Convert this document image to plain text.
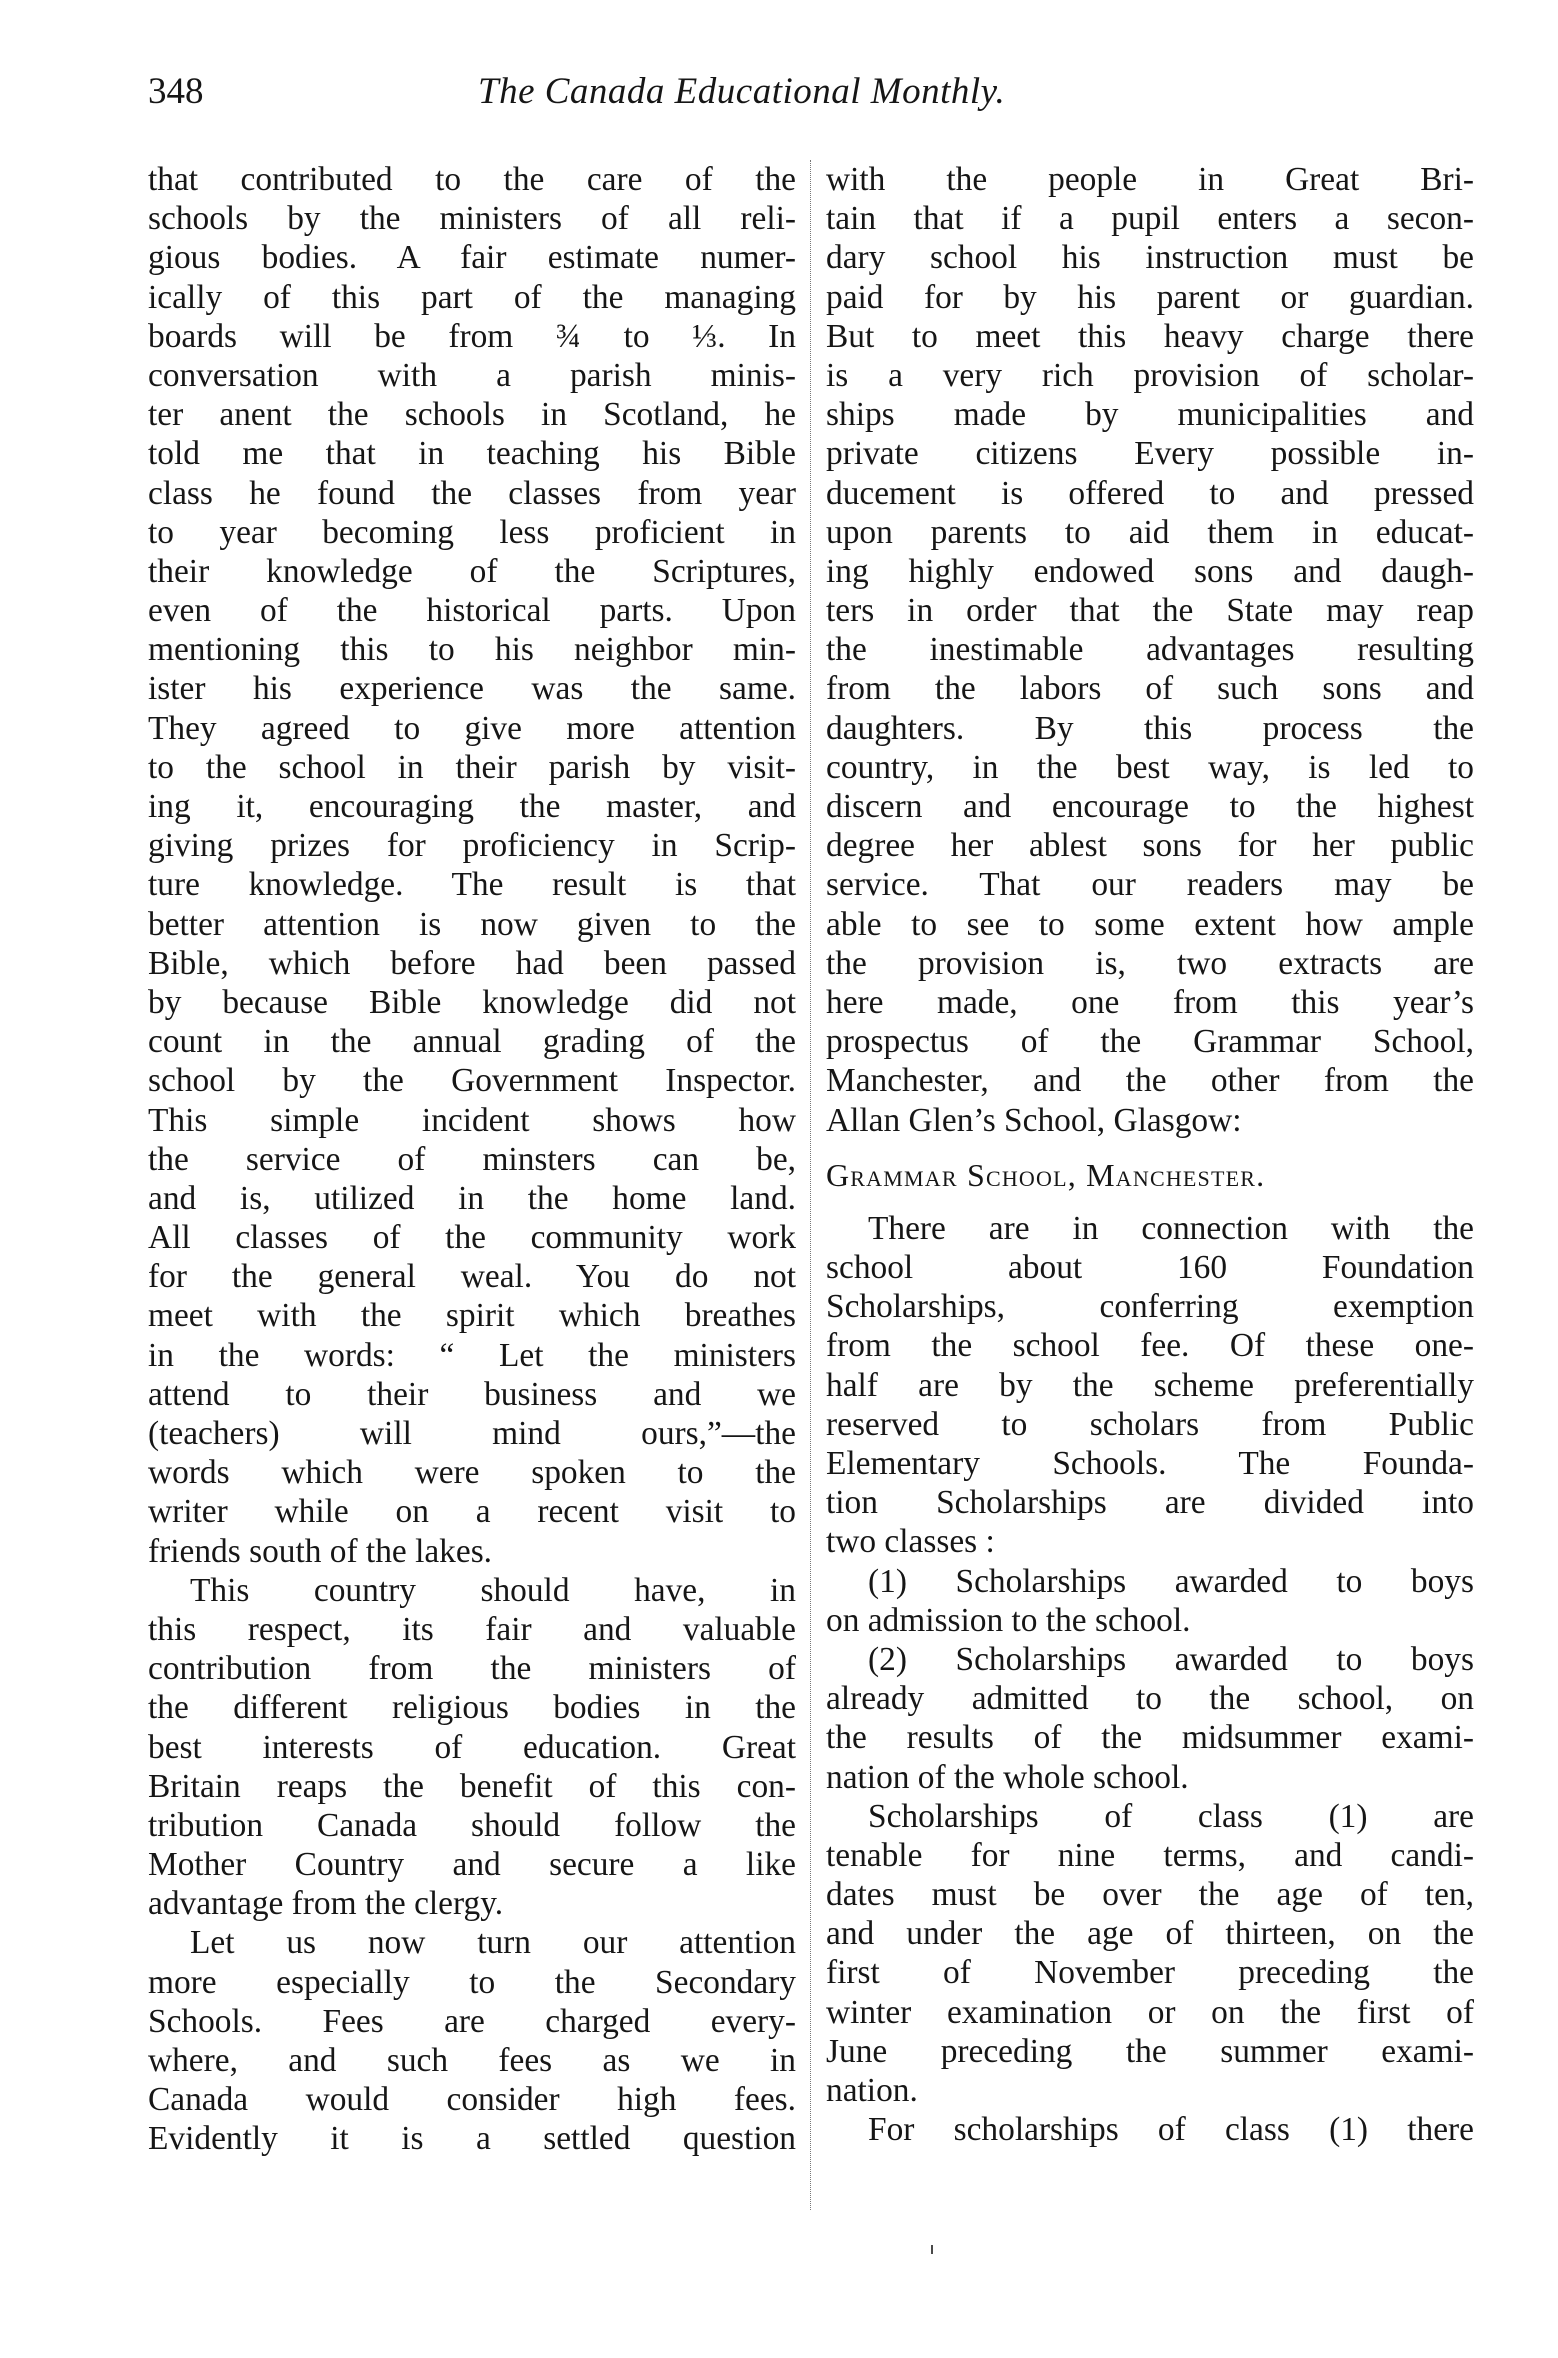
348	The Canada Educational Monthly.
that contributed to the care of the
schools by the ministers of all reli-
gious bodies. A fair estimate numer-
ically of this part of the managing
boards will be from ¾ to ⅓. In
conversation with a parish minis-
ter anent the schools in Scotland, he
told me that in teaching his Bible
class he found the classes from year
to year becoming less proficient in
their knowledge of the Scriptures,
even of the historical parts. Upon
mentioning this to his neighbor min-
ister his experience was the same.
They agreed to give more attention
to the school in their parish by visit-
ing it, encouraging the master, and
giving prizes for proficiency in Scrip-
ture knowledge. The result is that
better attention is now given to the
Bible, which before had been passed
by because Bible knowledge did not
count in the annual grading of the
school by the Government Inspector.
This simple incident shows how
the service of minsters can be,
and is, utilized in the home land.
All classes of the community work
for the general weal. You do not
meet with the spirit which breathes
in the words: “ Let the ministers
attend to their business and we
(teachers) will mind ours,”—the
words which were spoken to the
writer while on a recent visit to
friends south of the lakes.
This country should have, in
this respect, its fair and valuable
contribution from the ministers of
the different religious bodies in the
best interests of education. Great
Britain reaps the benefit of this con-
tribution Canada should follow the
Mother Country and secure a like
advantage from the clergy.
Let us now turn our attention
more especially to the Secondary
Schools. Fees are charged every-
where, and such fees as we in
Canada would consider high fees.
Evidently it is a settled question
with the people in Great Bri-
tain that if a pupil enters a secon-
dary school his instruction must be
paid for by his parent or guardian.
But to meet this heavy charge there
is a very rich provision of scholar-
ships made by municipalities and
private citizens Every possible in-
ducement is offered to and pressed
upon parents to aid them in educat-
ing highly endowed sons and daugh-
ters in order that the State may reap
the inestimable advantages resulting
from the labors of such sons and
daughters. By this process the
country, in the best way, is led to
discern and encourage to the highest
degree her ablest sons for her public
service. That our readers may be
able to see to some extent how ample
the provision is, two extracts are
here made, one from this year’s
prospectus of the Grammar School,
Manchester, and the other from the
Allan Glen’s School, Glasgow:
Grammar School, Manchester.
There are in connection with the
school about 160 Foundation
Scholarships, conferring exemption
from the school fee. Of these one-
half are by the scheme preferentially
reserved to scholars from Public
Elementary Schools. The Founda-
tion Scholarships are divided into
two classes :
(1) Scholarships awarded to boys
on admission to the school.
(2) Scholarships awarded to boys
already admitted to the school, on
the results of the midsummer exami-
nation of the whole school.
Scholarships of class (1) are
tenable for nine terms, and candi-
dates must be over the age of ten,
and under the age of thirteen, on the
first of November preceding the
winter examination or on the first of
June preceding the summer exami-
nation.
For scholarships of class (1) there
